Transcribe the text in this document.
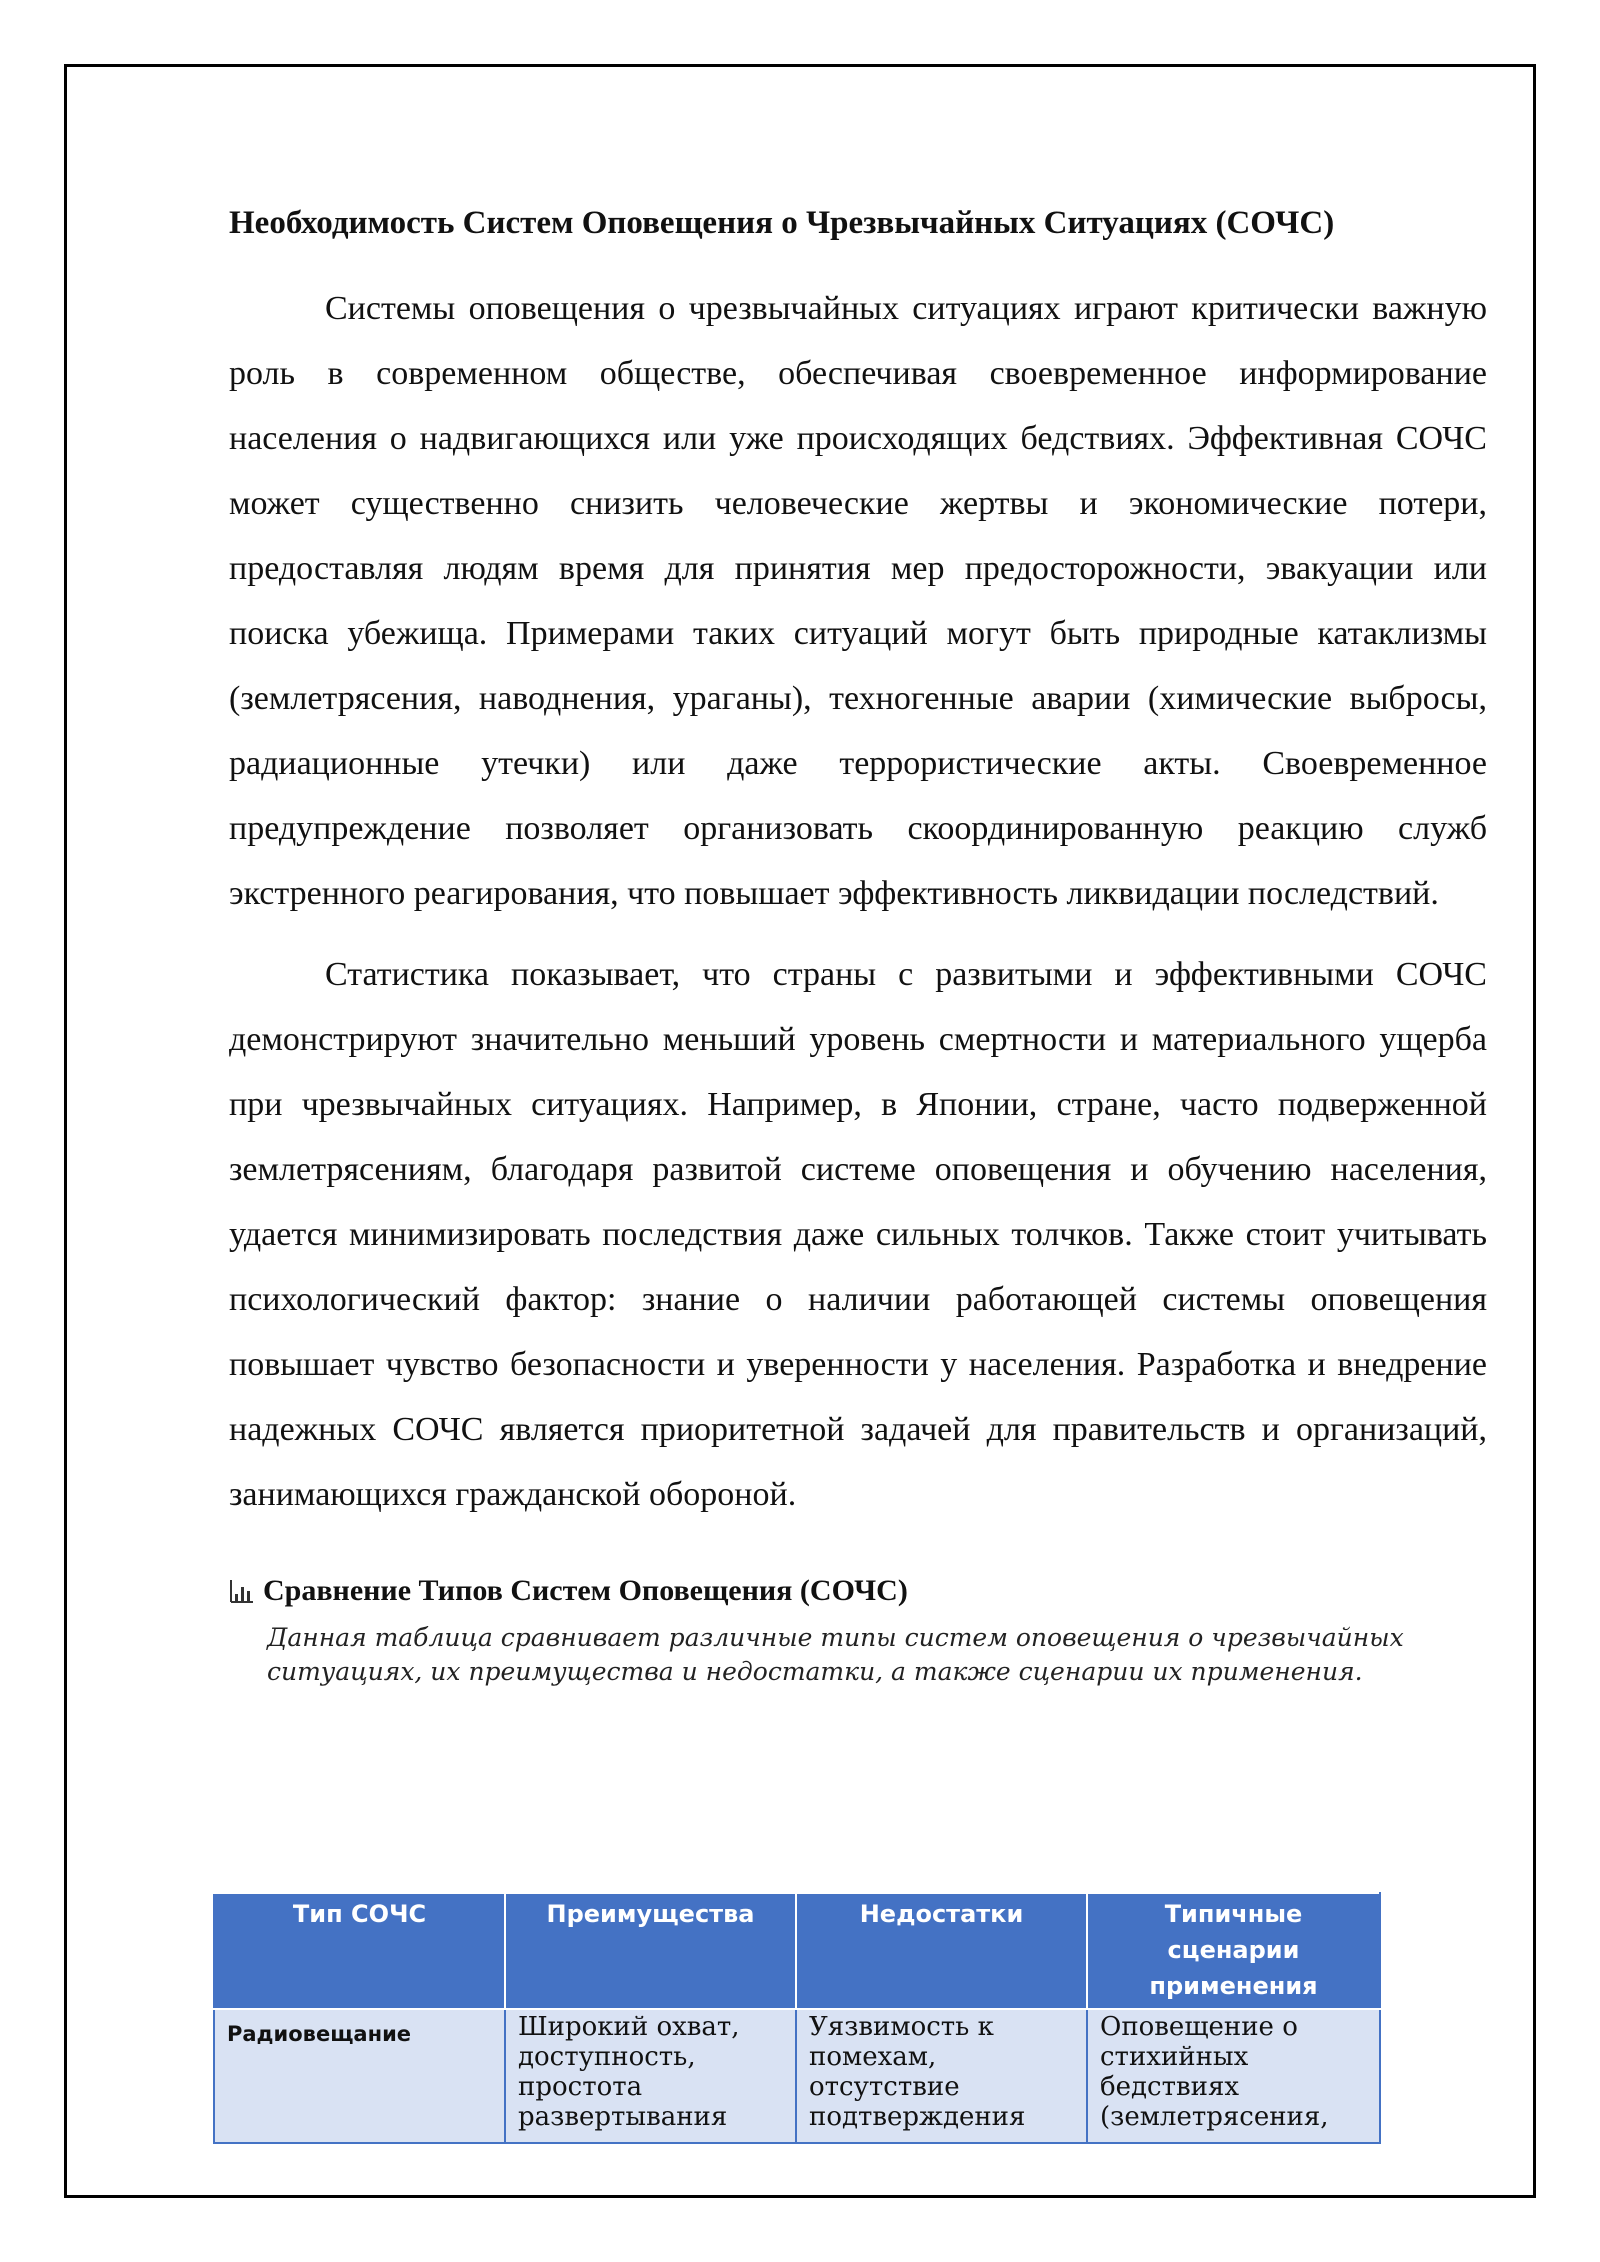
Необходимость Систем Оповещения о Чрезвычайных Ситуациях (СОЧС)

Системы оповещения о чрезвычайных ситуациях играют критически важную роль в современном обществе, обеспечивая своевременное информирование населения о надвигающихся или уже происходящих бедствиях. Эффективная СОЧС может существенно снизить человеческие жертвы и экономические потери, предоставляя людям время для принятия мер предосторожности, эвакуации или поиска убежища. Примерами таких ситуаций могут быть природные катаклизмы (землетрясения, наводнения, ураганы), техногенные аварии (химические выбросы, радиационные утечки) или даже террористические акты. Своевременное предупреждение позволяет организовать скоординированную реакцию служб экстренного реагирования, что повышает эффективность ликвидации последствий.

Статистика показывает, что страны с развитыми и эффективными СОЧС демонстрируют значительно меньший уровень смертности и материального ущерба при чрезвычайных ситуациях. Например, в Японии, стране, часто подверженной землетрясениям, благодаря развитой системе оповещения и обучению населения, удается минимизировать последствия даже сильных толчков. Также стоит учитывать психологический фактор: знание о наличии работающей системы оповещения повышает чувство безопасности и уверенности у населения. Разработка и внедрение надежных СОЧС является приоритетной задачей для правительств и организаций, занимающихся гражданской обороной.

Сравнение Типов Систем Оповещения (СОЧС)
Данная таблица сравнивает различные типы систем оповещения о чрезвычайных ситуациях, их преимущества и недостатки, а также сценарии их применения.
Тип СОЧС	Преимущества	Недостатки	Типичные сценарии применения
Радиовещание	Широкий охват, доступность, простота развертывания	Уязвимость к помехам, отсутствие подтверждения	Оповещение о стихийных бедствиях (землетрясения,
